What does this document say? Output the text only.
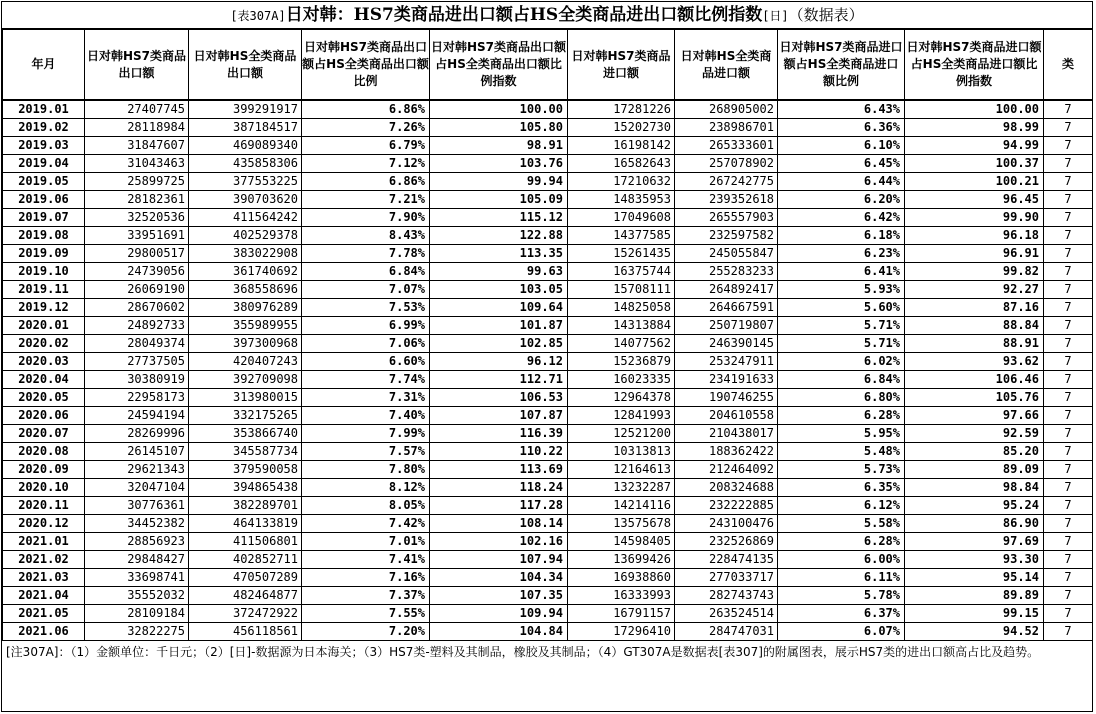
[表307A]日对韩：HS7类商品进出口额占HS全类商品进出口额比例指数[日]（数据表）
年月	日对韩HS7类商品出口额	日对韩HS全类商品出口额	日对韩HS7类商品出口额占HS全类商品出口额比例	日对韩HS7类商品出口额占HS全类商品出口额比例指数	日对韩HS7类商品进口额	日对韩HS全类商品进口额	日对韩HS7类商品进口额占HS全类商品进口额比例	日对韩HS7类商品进口额占HS全类商品进口额比例指数	类
2019.01	27407745	399291917	6.86%	100.00	17281226	268905002	6.43%	100.00	7
2019.02	28118984	387184517	7.26%	105.80	15202730	238986701	6.36%	98.99	7
2019.03	31847607	469089340	6.79%	98.91	16198142	265333601	6.10%	94.99	7
2019.04	31043463	435858306	7.12%	103.76	16582643	257078902	6.45%	100.37	7
2019.05	25899725	377553225	6.86%	99.94	17210632	267242775	6.44%	100.21	7
2019.06	28182361	390703620	7.21%	105.09	14835953	239352618	6.20%	96.45	7
2019.07	32520536	411564242	7.90%	115.12	17049608	265557903	6.42%	99.90	7
2019.08	33951691	402529378	8.43%	122.88	14377585	232597582	6.18%	96.18	7
2019.09	29800517	383022908	7.78%	113.35	15261435	245055847	6.23%	96.91	7
2019.10	24739056	361740692	6.84%	99.63	16375744	255283233	6.41%	99.82	7
2019.11	26069190	368558696	7.07%	103.05	15708111	264892417	5.93%	92.27	7
2019.12	28670602	380976289	7.53%	109.64	14825058	264667591	5.60%	87.16	7
2020.01	24892733	355989955	6.99%	101.87	14313884	250719807	5.71%	88.84	7
2020.02	28049374	397300968	7.06%	102.85	14077562	246390145	5.71%	88.91	7
2020.03	27737505	420407243	6.60%	96.12	15236879	253247911	6.02%	93.62	7
2020.04	30380919	392709098	7.74%	112.71	16023335	234191633	6.84%	106.46	7
2020.05	22958173	313980015	7.31%	106.53	12964378	190746255	6.80%	105.76	7
2020.06	24594194	332175265	7.40%	107.87	12841993	204610558	6.28%	97.66	7
2020.07	28269996	353866740	7.99%	116.39	12521200	210438017	5.95%	92.59	7
2020.08	26145107	345587734	7.57%	110.22	10313813	188362422	5.48%	85.20	7
2020.09	29621343	379590058	7.80%	113.69	12164613	212464092	5.73%	89.09	7
2020.10	32047104	394865438	8.12%	118.24	13232287	208324688	6.35%	98.84	7
2020.11	30776361	382289701	8.05%	117.28	14214116	232222885	6.12%	95.24	7
2020.12	34452382	464133819	7.42%	108.14	13575678	243100476	5.58%	86.90	7
2021.01	28856923	411506801	7.01%	102.16	14598405	232526869	6.28%	97.69	7
2021.02	29848427	402852711	7.41%	107.94	13699426	228474135	6.00%	93.30	7
2021.03	33698741	470507289	7.16%	104.34	16938860	277033717	6.11%	95.14	7
2021.04	35552032	482464877	7.37%	107.35	16333993	282743743	5.78%	89.89	7
2021.05	28109184	372472922	7.55%	109.94	16791157	263524514	6.37%	99.15	7
2021.06	32822275	456118561	7.20%	104.84	17296410	284747031	6.07%	94.52	7
[注307A]：（1）金额单位：千日元；（2）[日]-数据源为日本海关；（3）HS7类-塑料及其制品，橡胶及其制品；（4）GT307A是数据表[表307]的附属图表，展示HS7类的进出口额高占比及趋势。
